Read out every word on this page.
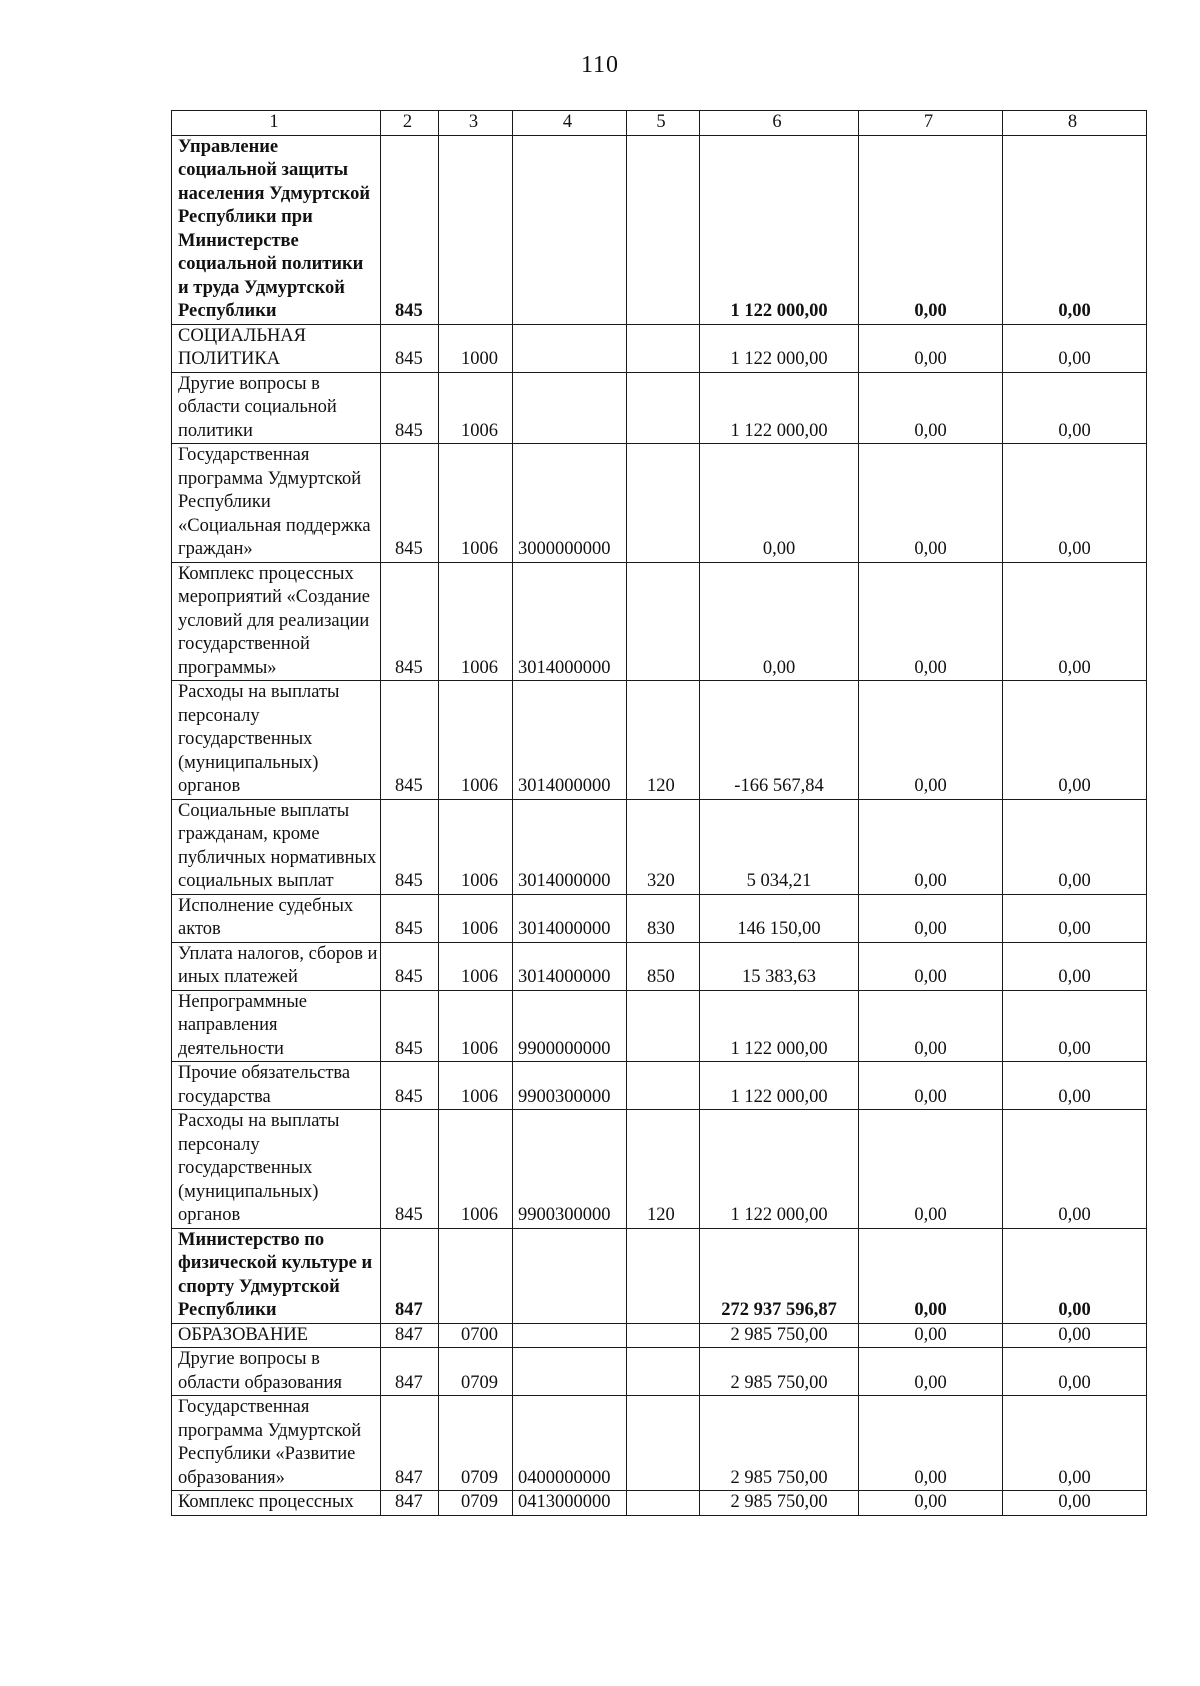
110
1	2	3	4	5	6	7	8
Управление социальной защиты населения Удмуртской Республики при Министерстве социальной политики и труда Удмуртской Республики	845				1 122 000,00	0,00	0,00
СОЦИАЛЬНАЯ ПОЛИТИКА	845	1000			1 122 000,00	0,00	0,00
Другие вопросы в области социальной политики	845	1006			1 122 000,00	0,00	0,00
Государственная программа Удмуртской Республики «Социальная поддержка граждан»	845	1006	3000000000		0,00	0,00	0,00
Комплекс процессных мероприятий «Создание условий для реализации государственной программы»	845	1006	3014000000		0,00	0,00	0,00
Расходы на выплаты персоналу государственных (муниципальных) органов	845	1006	3014000000	120	-166 567,84	0,00	0,00
Социальные выплаты гражданам, кроме публичных нормативных социальных выплат	845	1006	3014000000	320	5 034,21	0,00	0,00
Исполнение судебных актов	845	1006	3014000000	830	146 150,00	0,00	0,00
Уплата налогов, сборов и иных платежей	845	1006	3014000000	850	15 383,63	0,00	0,00
Непрограммные направления деятельности	845	1006	9900000000		1 122 000,00	0,00	0,00
Прочие обязательства государства	845	1006	9900300000		1 122 000,00	0,00	0,00
Расходы на выплаты персоналу государственных (муниципальных) органов	845	1006	9900300000	120	1 122 000,00	0,00	0,00
Министерство по физической культуре и спорту Удмуртской Республики	847				272 937 596,87	0,00	0,00
ОБРАЗОВАНИЕ	847	0700			2 985 750,00	0,00	0,00
Другие вопросы в области образования	847	0709			2 985 750,00	0,00	0,00
Государственная программа Удмуртской Республики «Развитие образования»	847	0709	0400000000		2 985 750,00	0,00	0,00
Комплекс процессных	847	0709	0413000000		2 985 750,00	0,00	0,00
